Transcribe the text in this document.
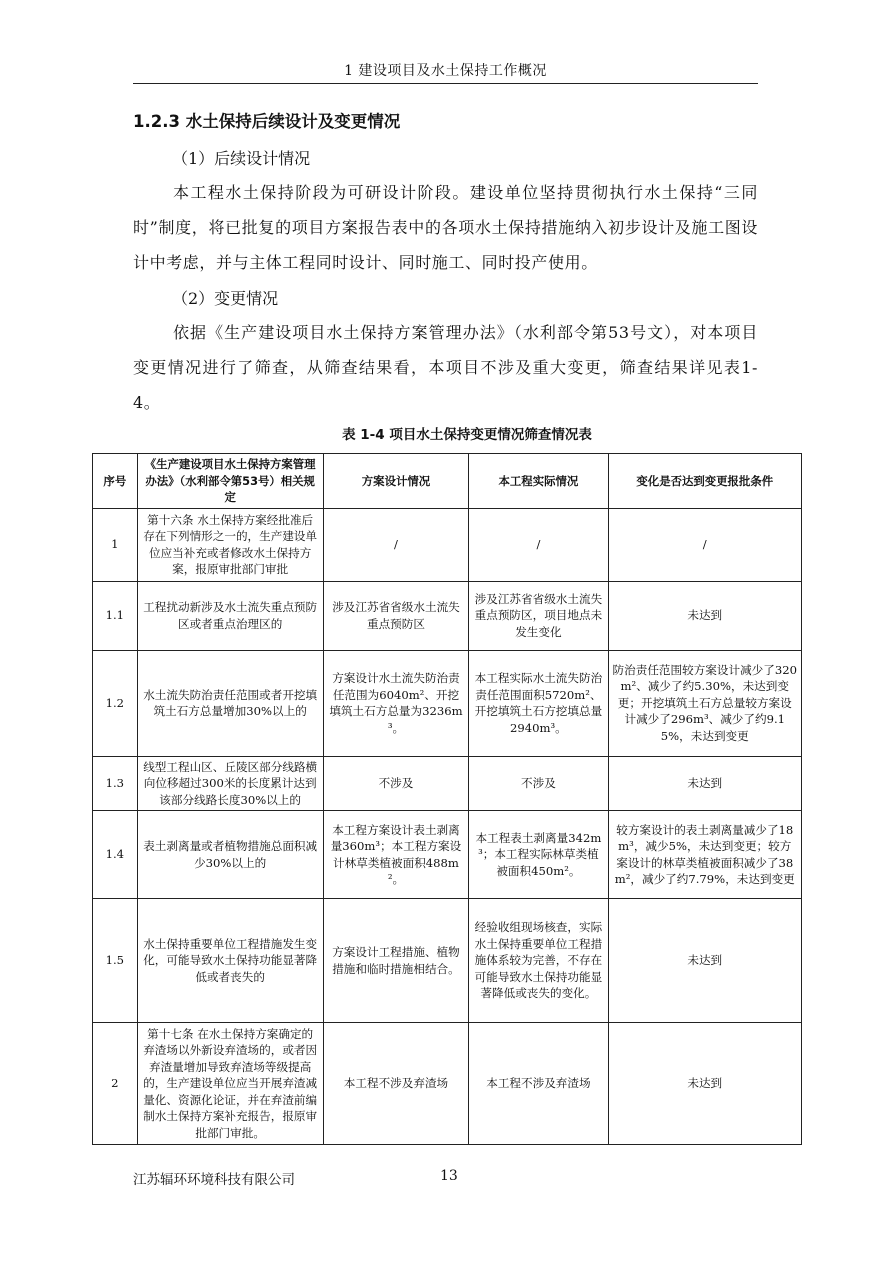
1 建设项目及水土保持工作概况
1.2.3 水土保持后续设计及变更情况
（1）后续设计情况
本工程水土保持阶段为可研设计阶段。建设单位坚持贯彻执行水土保持“三同时”制度，将已批复的项目方案报告表中的各项水土保持措施纳入初步设计及施工图设计中考虑，并与主体工程同时设计、同时施工、同时投产使用。
（2）变更情况
依据《生产建设项目水土保持方案管理办法》（水利部令第53号文），对本项目变更情况进行了筛查，从筛查结果看，本项目不涉及重大变更，筛查结果详见表1-4。
表 1-4 项目水土保持变更情况筛查情况表
序号	《生产建设项目水土保持方案管理办法》（水利部令第53号）相关规定	方案设计情况	本工程实际情况	变化是否达到变更报批条件
1	第十六条 水土保持方案经批准后存在下列情形之一的，生产建设单位应当补充或者修改水土保持方案，报原审批部门审批	/	/	/
1.1	工程扰动新涉及水土流失重点预防区或者重点治理区的	涉及江苏省省级水土流失重点预防区	涉及江苏省省级水土流失重点预防区，项目地点未发生变化	未达到
1.2	水土流失防治责任范围或者开挖填筑土石方总量增加30%以上的	方案设计水土流失防治责任范围为6040m²、开挖填筑土石方总量为3236m³。	本工程实际水土流失防治责任范围面积5720m²、开挖填筑土石方挖填总量2940m³。	防治责任范围较方案设计减少了320m²、减少了约5.30%，未达到变更；开挖填筑土石方总量较方案设计减少了296m³、减少了约9.15%，未达到变更
1.3	线型工程山区、丘陵区部分线路横向位移超过300米的长度累计达到该部分线路长度30%以上的	不涉及	不涉及	未达到
1.4	表土剥离量或者植物措施总面积减少30%以上的	本工程方案设计表土剥离量360m³；本工程方案设计林草类植被面积488m²。	本工程表土剥离量342m³；本工程实际林草类植被面积450m²。	较方案设计的表土剥离量减少了18m³，减少5%，未达到变更；较方案设计的林草类植被面积减少了38m²，减少了约7.79%，未达到变更
1.5	水土保持重要单位工程措施发生变化，可能导致水土保持功能显著降低或者丧失的	方案设计工程措施、植物措施和临时措施相结合。	经验收组现场核查，实际水土保持重要单位工程措施体系较为完善，不存在可能导致水土保持功能显著降低或丧失的变化。	未达到
2	第十七条 在水土保持方案确定的弃渣场以外新设弃渣场的，或者因弃渣量增加导致弃渣场等级提高的，生产建设单位应当开展弃渣减量化、资源化论证，并在弃渣前编制水土保持方案补充报告，报原审批部门审批。	本工程不涉及弃渣场	本工程不涉及弃渣场	未达到
江苏辐环环境科技有限公司	13
